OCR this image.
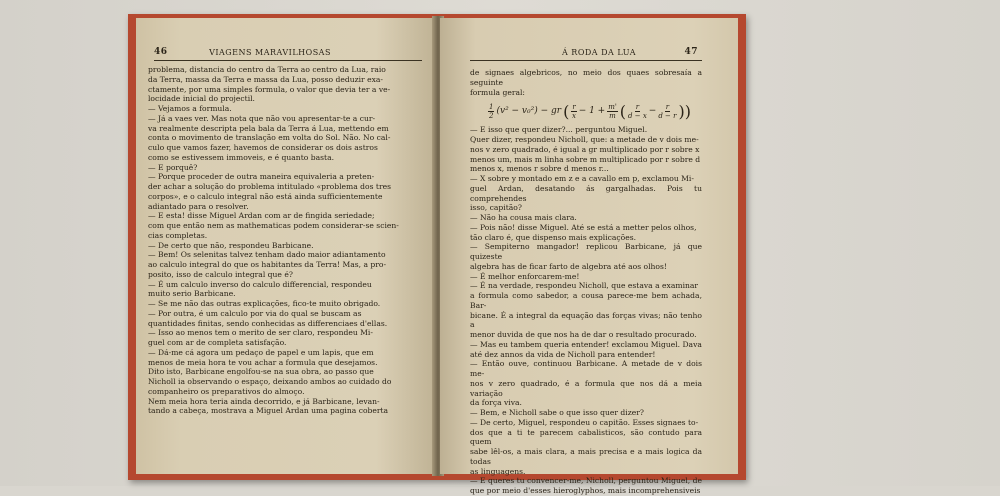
46	VIAGENS MARAVILHOSAS

problema, distancia do centro da Terra ao centro da Lua, raio

da Terra, massa da Terra e massa da Lua, posso deduzir exa-

ctamente, por uma simples formula, o valor que devia ter a ve-

locidade inicial do projectil.

— Vejamos a formula.

— Já a vaes ver. Mas nota que não vou apresentar-te a cur-

va realmente descripta pela bala da Terra á Lua, mettendo em

conta o movimento de translação em volta do Sol. Não. No cal-

culo que vamos fazer, havemos de considerar os dois astros

como se estivessem immoveis, e é quanto basta.

— E porquê?

— Porque proceder de outra maneira equivaleria a preten-

der achar a solução do problema intitulado «problema dos tres

corpos», e o calculo integral não está ainda sufficientemente

adiantado para o resolver.

— E esta! disse Miguel Ardan com ar de fingida seriedade;

com que então nem as mathematicas podem considerar-se scien-

cias completas.

— De certo que não, respondeu Barbicane.

— Bem! Os selenitas talvez tenham dado maior adiantamento

ao calculo integral do que os habitantes da Terra! Mas, a pro-

posito, isso de calculo integral que é?

— É um calculo inverso do calculo differencial, respondeu

muito serio Barbicane.

— Se me não das outras explicações, fico-te muito obrigado.

— Por outra, é um calculo por via do qual se buscam as

quantidades finitas, sendo conhecidas as differenciaes d'ellas.

— Isso ao menos tem o merito de ser claro, respondeu Mi-

guel com ar de completa satisfação.

— Dá-me cá agora um pedaço de papel e um lapis, que em

menos de meia hora te vou achar a formula que desejamos.

Dito isto, Barbicane engolfou-se na sua obra, ao passo que

Nicholl ia observando o espaço, deixando ambos ao cuidado do

companheiro os preparativos do almoço.

Nem meia hora teria ainda decorrido, e já Barbicane, levan-

tando a cabeça, mostrava a Miguel Ardan uma pagina coberta

Á RODA DA LUA	47

de signaes algebricos, no meio dos quaes sobresaía a seguinte

formula geral:

$\frac{1}{2} (v^2 - v_0^2)$ − gr ( $\frac{r}{x} - 1 + \frac{m'}{m}$ ( $\frac{r}{d - x} - \frac{r}{d - r}$ ))

— E isso que quer dizer?... perguntou Miguel.

Quer dizer, respondeu Nicholl, que: a metade de v dois me-

nos v zero quadrado, é igual a gr multiplicado por r sobre x

menos um, mais m linha sobre m multiplicado por r sobre d

menos x, menos r sobre d menos r...

— X sobre y montado em z e a cavallo em p, exclamou Mi-

guel Ardan, desatando ás gargalhadas. Pois tu comprehendes

isso, capitão?

— Não ha cousa mais clara.

— Pois não! disse Miguel. Até se está a metter pelos olhos,

tão claro é, que dispenso mais explicações.

— Sempiterno mangador! replicou Barbicane, já que quizeste

algebra has de ficar farto de algebra até aos olhos!

— É melhor enforcarem-me!

— É na verdade, respondeu Nicholl, que estava a examinar

a formula como sabedor, a cousa parece-me bem achada, Bar-

bicane. É a integral da equação das forças vivas; não tenho a

menor duvida de que nos ha de dar o resultado procurado.

— Mas eu tambem queria entender! exclamou Miguel. Dava

até dez annos da vida de Nicholl para entender!

— Então ouve, continuou Barbicane. A metade de v dois me-

nos v zero quadrado, é a formula que nos dá a meia variação

da força viva.

— Bem, e Nicholl sabe o que isso quer dizer?

— De certo, Miguel, respondeu o capitão. Esses signaes to-

dos que a ti te parecem cabalisticos, são contudo para quem

sabe lêl-os, a mais clara, a mais precisa e a mais logica da todas

as linguagens.

— E queres tu convencer-me, Nicholl, perguntou Miguel, de

que por meio d'esses hieroglyphos, mais incomprehensiveis
